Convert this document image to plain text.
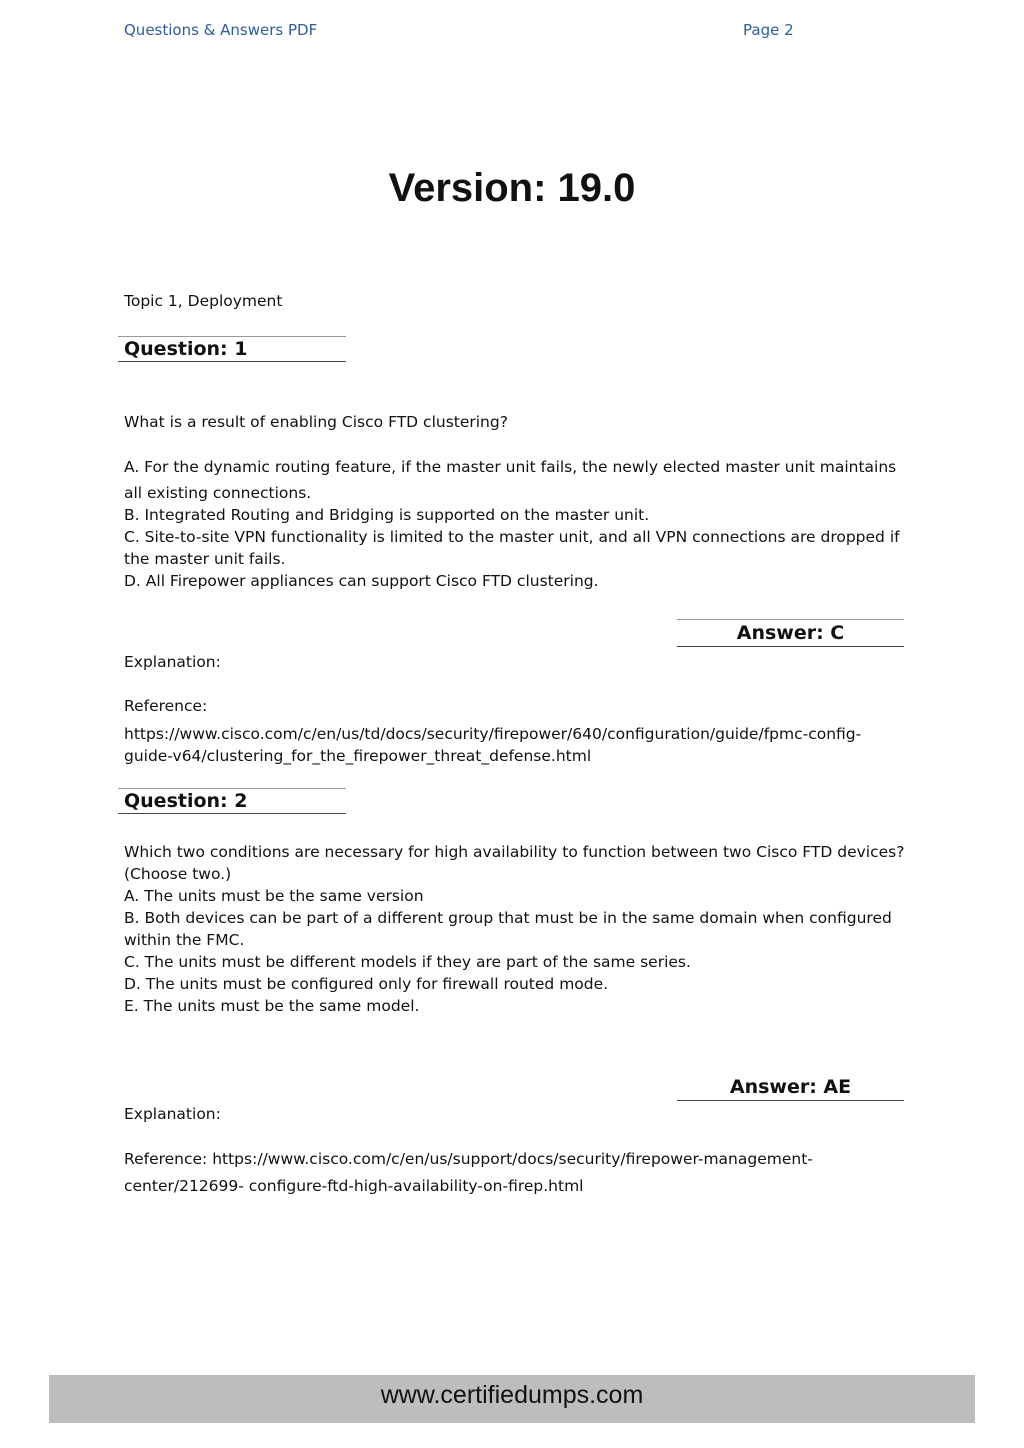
Questions & Answers PDF	Page 2
Version: 19.0
Topic 1, Deployment
Question: 1
What is a result of enabling Cisco FTD clustering?

A. For the dynamic routing feature, if the master unit fails, the newly elected master unit maintains

all existing connections.

B. Integrated Routing and Bridging is supported on the master unit.

C. Site-to-site VPN functionality is limited to the master unit, and all VPN connections are dropped if

the master unit fails.

D. All Firepower appliances can support Cisco FTD clustering.

Answer: C
Explanation:
Reference:

https://www.cisco.com/c/en/us/td/docs/security/firepower/640/configuration/guide/fpmc-config-

guide-v64/clustering_for_the_firepower_threat_defense.html

Question: 2

Which two conditions are necessary for high availability to function between two Cisco FTD devices?

(Choose two.)

A. The units must be the same version

B. Both devices can be part of a different group that must be in the same domain when configured

within the FMC.

C. The units must be different models if they are part of the same series.

D. The units must be configured only for firewall routed mode.

E. The units must be the same model.

Answer: AE
Explanation:

Reference: https://www.cisco.com/c/en/us/support/docs/security/firepower-management-

center/212699- configure-ftd-high-availability-on-firep.html

www.certifiedumps.com
